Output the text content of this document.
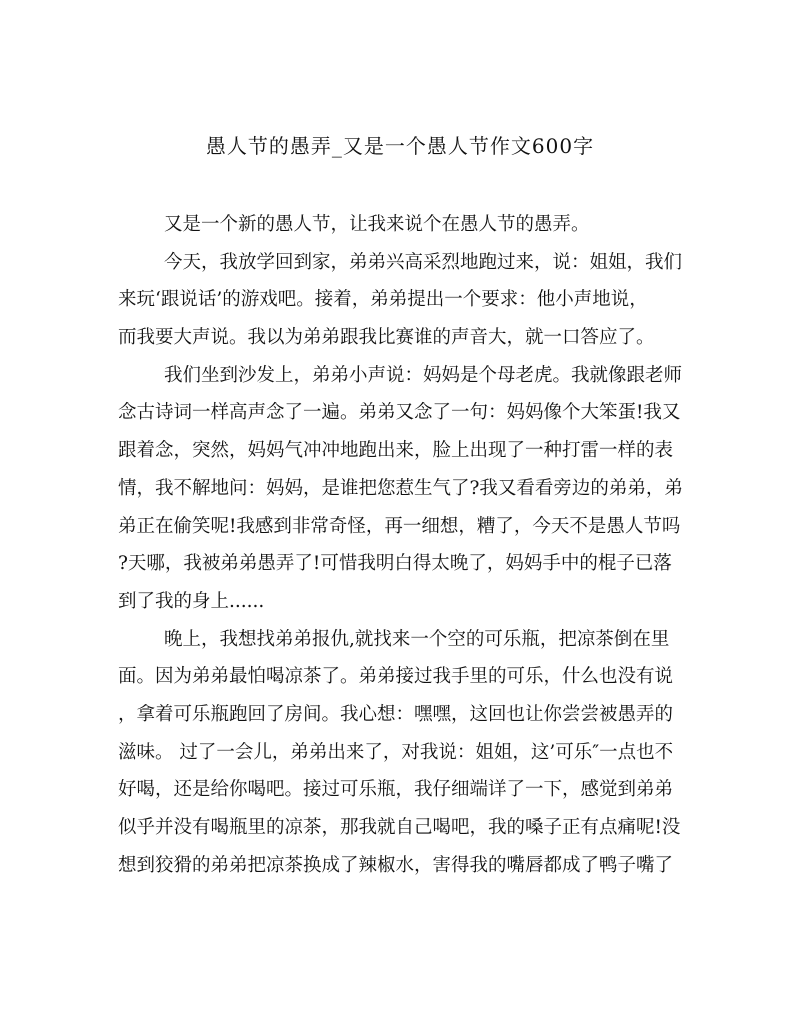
愚人节的愚弄_又是一个愚人节作文600字
又是一个新的愚人节，让我来说个在愚人节的愚弄。
今天，我放学回到家，弟弟兴高采烈地跑过来，说：姐姐，我们
来玩‘跟说话’的游戏吧。接着，弟弟提出一个要求：他小声地说，
而我要大声说。我以为弟弟跟我比赛谁的声音大，就一口答应了。
我们坐到沙发上，弟弟小声说：妈妈是个母老虎。我就像跟老师
念古诗词一样高声念了一遍。弟弟又念了一句：妈妈像个大笨蛋!我又
跟着念，突然，妈妈气冲冲地跑出来，脸上出现了一种打雷一样的表
情，我不解地问：妈妈，是谁把您惹生气了?我又看看旁边的弟弟，弟
弟正在偷笑呢!我感到非常奇怪，再一细想，糟了，今天不是愚人节吗
?天哪，我被弟弟愚弄了!可惜我明白得太晚了，妈妈手中的棍子已落
到了我的身上......
晚上，我想找弟弟报仇,就找来一个空的可乐瓶，把凉茶倒在里
面。因为弟弟最怕喝凉茶了。弟弟接过我手里的可乐，什么也没有说
，拿着可乐瓶跑回了房间。我心想：嘿嘿，这回也让你尝尝被愚弄的
滋味。 过了一会儿，弟弟出来了，对我说：姐姐，这’可乐″一点也不
好喝，还是给你喝吧。接过可乐瓶，我仔细端详了一下，感觉到弟弟
似乎并没有喝瓶里的凉茶，那我就自己喝吧，我的嗓子正有点痛呢!没
想到狡猾的弟弟把凉茶换成了辣椒水，害得我的嘴唇都成了鸭子嘴了
